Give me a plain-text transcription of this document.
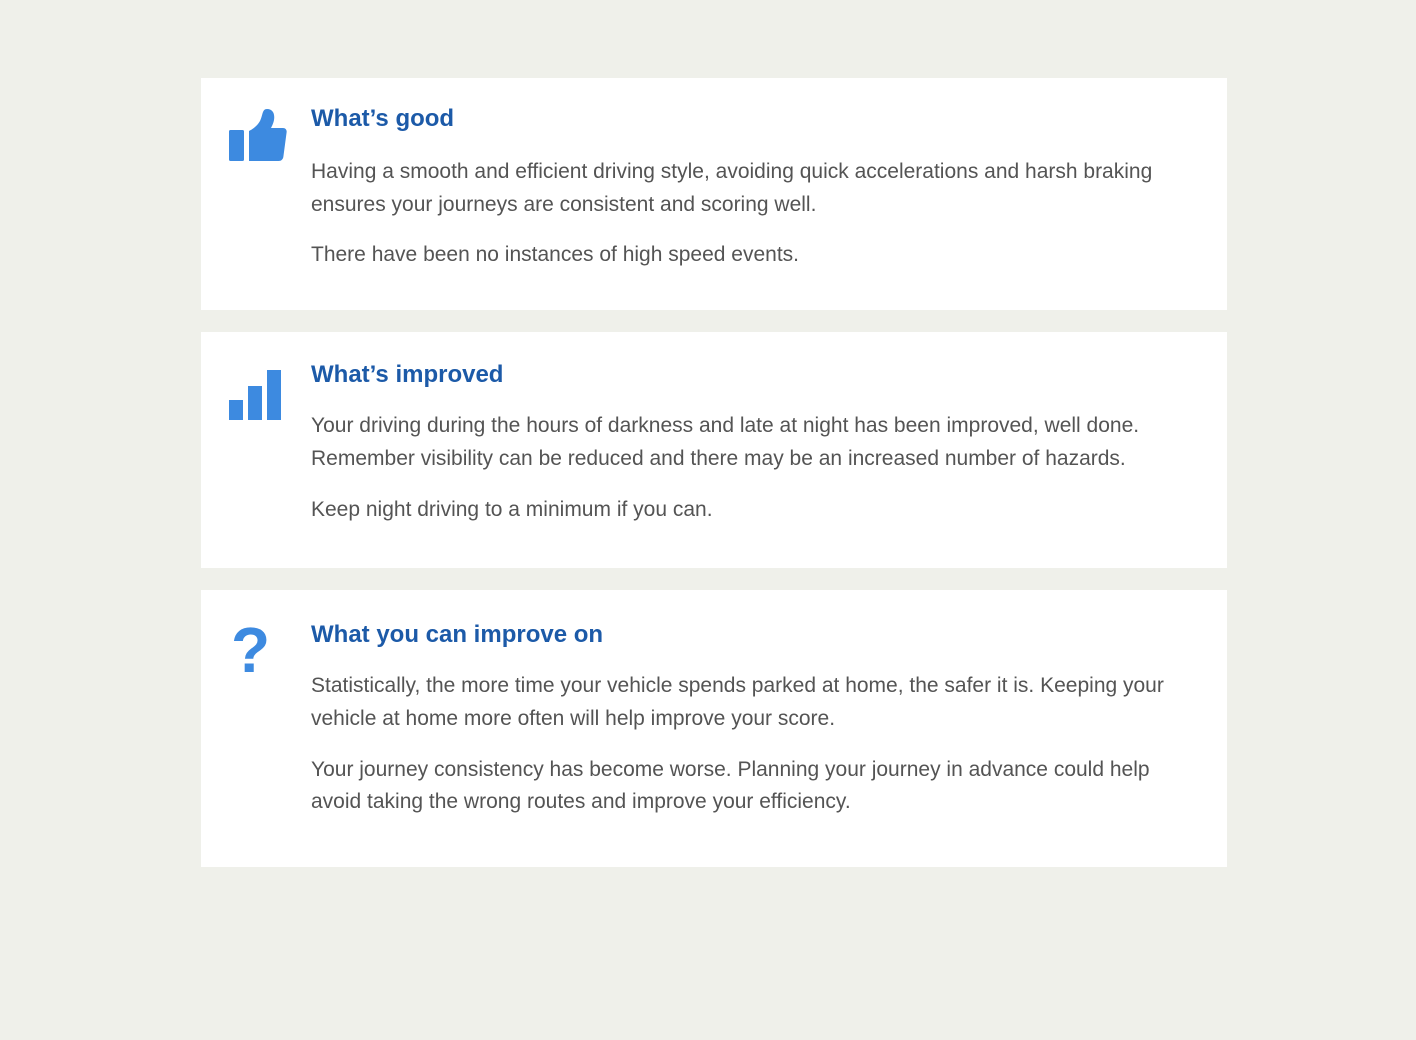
What’s good

Having a smooth and efficient driving style, avoiding quick accelerations and harsh braking ensures your journeys are consistent and scoring well.

There have been no instances of high speed events.

What’s improved

Your driving during the hours of darkness and late at night has been improved, well done. Remember visibility can be reduced and there may be an increased number of hazards.

Keep night driving to a minimum if you can.

? What you can improve on

Statistically, the more time your vehicle spends parked at home, the safer it is. Keeping your vehicle at home more often will help improve your score.

Your journey consistency has become worse. Planning your journey in advance could help avoid taking the wrong routes and improve your efficiency.
